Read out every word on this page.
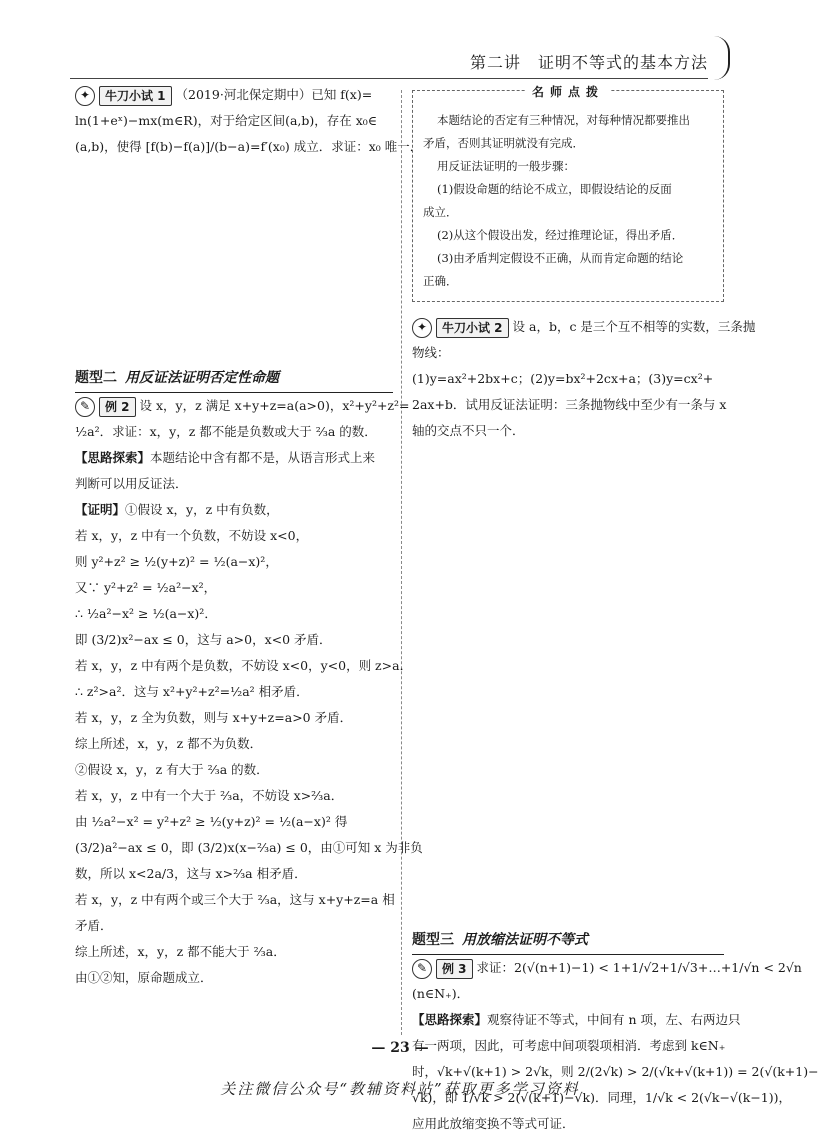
第二讲　证明不等式的基本方法
✦	牛刀小试 1 （2019·河北保定期中）已知 f(x)=
ln(1+eˣ)−mx(m∈R)，对于给定区间(a,b)，存在 x₀∈
(a,b)，使得 [f(b)−f(a)]/(b−a)=f′(x₀) 成立．求证：x₀ 唯一．
题型二 用反证法证明否定性命题
✎	例 2 设 x，y，z 满足 x+y+z=a(a>0)，x²+y²+z²=
½a²．求证：x，y，z 都不能是负数或大于 ⅔a 的数．
【思路探索】本题结论中含有都不是，从语言形式上来
判断可以用反证法．
【证明】①假设 x，y，z 中有负数，
若 x，y，z 中有一个负数，不妨设 x<0，
则 y²+z² ≥ ½(y+z)² = ½(a−x)²，
又∵ y²+z² = ½a²−x²，
∴ ½a²−x² ≥ ½(a−x)²．
即 (3/2)x²−ax ≤ 0，这与 a>0，x<0 矛盾．
若 x，y，z 中有两个是负数，不妨设 x<0，y<0，则 z>a．
∴ z²>a²．这与 x²+y²+z²=½a² 相矛盾．
若 x，y，z 全为负数，则与 x+y+z=a>0 矛盾．
综上所述，x，y，z 都不为负数．
②假设 x，y，z 有大于 ⅔a 的数．
若 x，y，z 中有一个大于 ⅔a，不妨设 x>⅔a．
由 ½a²−x² = y²+z² ≥ ½(y+z)² = ½(a−x)² 得
(3/2)a²−ax ≤ 0，即 (3/2)x(x−⅔a) ≤ 0，由①可知 x 为非负
数，所以 x<2a/3，这与 x>⅔a 相矛盾．
若 x，y，z 中有两个或三个大于 ⅔a，这与 x+y+z=a 相
矛盾．
综上所述，x，y，z 都不能大于 ⅔a．
由①②知，原命题成立．
名师点拨
本题结论的否定有三种情况，对每种情况都要推出
矛盾，否则其证明就没有完成．
用反证法证明的一般步骤：
(1)假设命题的结论不成立，即假设结论的反面
成立．
(2)从这个假设出发，经过推理论证，得出矛盾．
(3)由矛盾判定假设不正确，从而肯定命题的结论
正确．
✦	牛刀小试 2 设 a，b，c 是三个互不相等的实数，三条抛
物线：
(1)y=ax²+2bx+c；(2)y=bx²+2cx+a；(3)y=cx²+
2ax+b．试用反证法证明：三条抛物线中至少有一条与 x
轴的交点不只一个．
题型三 用放缩法证明不等式
✎	例 3 求证：2(√(n+1)−1) < 1+1/√2+1/√3+…+1/√n < 2√n
(n∈N₊)．
【思路探索】观察待证不等式，中间有 n 项，左、右两边只
有一两项，因此，可考虑中间项裂项相消．考虑到 k∈N₊
时，√k+√(k+1) > 2√k，则 2/(2√k) > 2/(√k+√(k+1)) = 2(√(k+1)−
√k)，即 1/√k > 2(√(k+1)−√k)．同理，1/√k < 2(√k−√(k−1))，
应用此放缩变换不等式可证．
— 23 —
关注微信公众号“教辅资料站”获取更多学习资料
